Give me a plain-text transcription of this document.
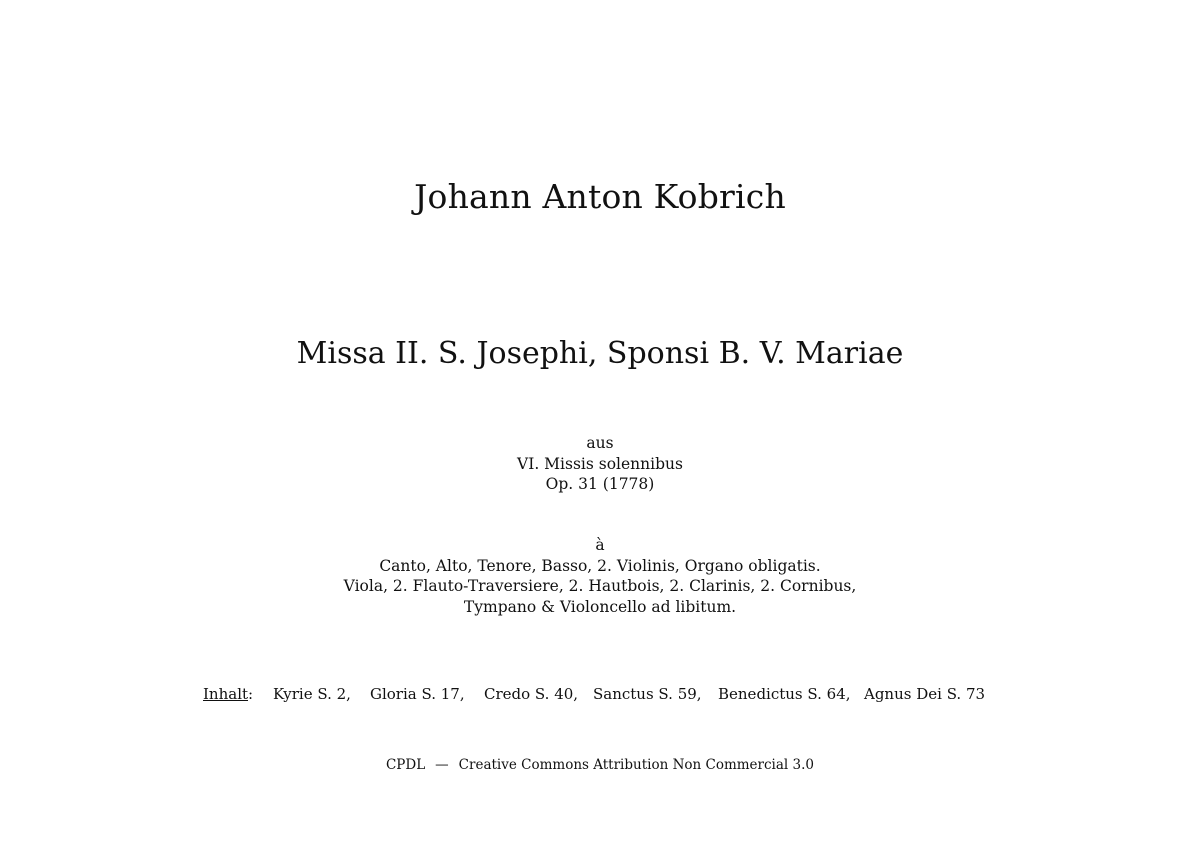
Johann Anton Kobrich
Missa II. S. Josephi, Sponsi B. V. Mariae
aus
VI. Missis solennibus
Op. 31 (1778)
à
Canto, Alto, Tenore, Basso, 2. Violinis, Organo obligatis.
Viola, 2. Flauto-Traversiere, 2. Hautbois, 2. Clarinis, 2. Cornibus,
Tympano & Violoncello ad libitum.
Inhalt: Kyrie S. 2, Gloria S. 17, Credo S. 40, Sanctus S. 59, Benedictus S. 64, Agnus Dei S. 73
CPDL — Creative Commons Attribution Non Commercial 3.0
